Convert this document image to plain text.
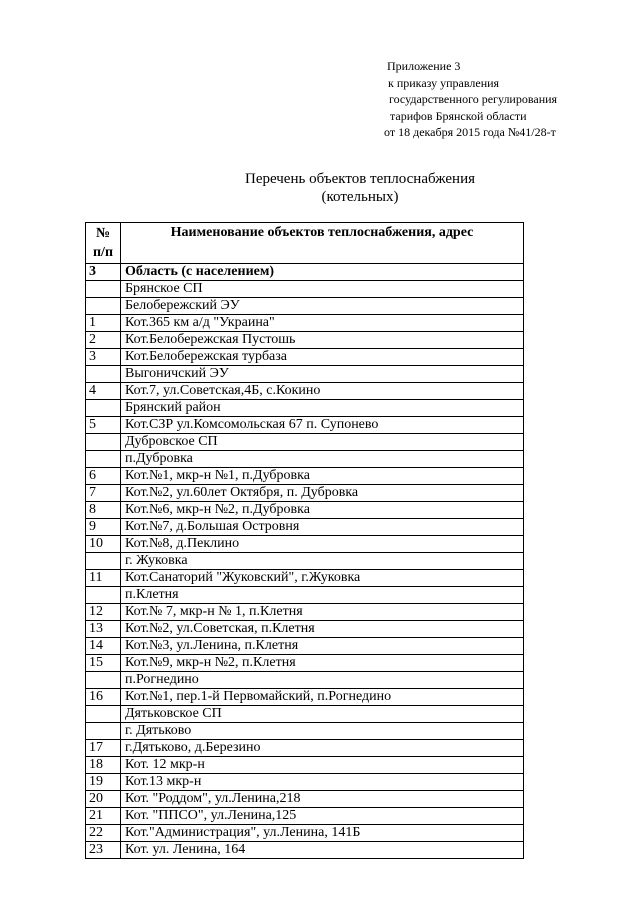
Приложение 3
к приказу управления
государственного регулирования
тарифов Брянской области
от 18 декабря 2015 года №41/28-т
Перечень объектов теплоснабжения
(котельных)
№
п/п	Наименование объектов теплоснабжения, адрес
3	Область (с населением)
	Брянское СП
	Белобережский ЭУ
1	Кот.365 км а/д "Украина"
2	Кот.Белобережская Пустошь
3	Кот.Белобережская турбаза
	Выгоничский ЭУ
4	Кот.7, ул.Советская,4Б, с.Кокино
	Брянский район
5	Кот.СЗР ул.Комсомольская 67 п. Супонево
	Дубровское СП
	п.Дубровка
6	Кот.№1, мкр-н №1, п.Дубровка
7	Кот.№2, ул.60лет Октября, п. Дубровка
8	Кот.№6, мкр-н №2, п.Дубровка
9	Кот.№7, д.Большая Островня
10	Кот.№8, д.Пеклино
	г. Жуковка
11	Кот.Санаторий "Жуковский", г.Жуковка
	п.Клетня
12	Кот.№ 7, мкр-н № 1, п.Клетня
13	Кот.№2, ул.Советская, п.Клетня
14	Кот.№3, ул.Ленина, п.Клетня
15	Кот.№9, мкр-н №2, п.Клетня
	п.Рогнедино
16	Кот.№1, пер.1-й Первомайский, п.Рогнедино
	Дятьковское СП
	г. Дятьково
17	г.Дятьково, д.Березино
18	Кот. 12 мкр-н
19	Кот.13 мкр-н
20	Кот. "Роддом", ул.Ленина,218
21	Кот. "ППСО", ул.Ленина,125
22	Кот."Администрация", ул.Ленина, 141Б
23	Кот. ул. Ленина, 164
